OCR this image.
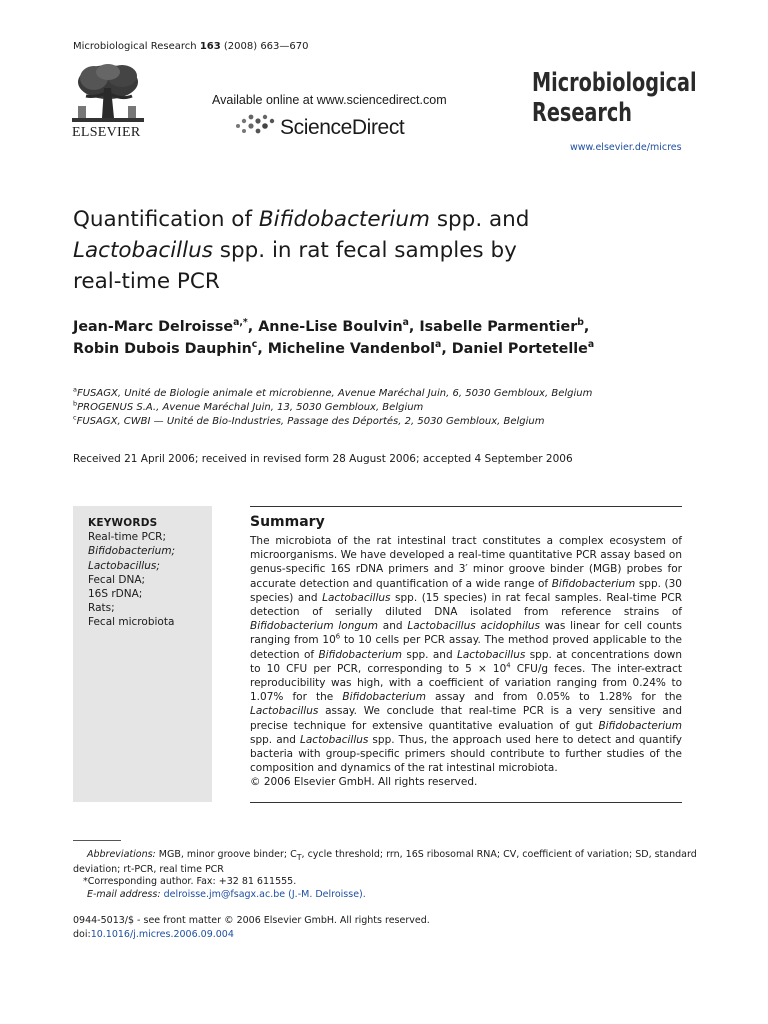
Microbiological Research 163 (2008) 663—670
ELSEVIER
Available online at www.sciencedirect.com
ScienceDirect
Microbiological
Research
www.elsevier.de/micres
Quantification of Bifidobacterium spp. and
Lactobacillus spp. in rat fecal samples by
real-time PCR
Jean-Marc Delroisse$^{a,*}$, Anne-Lise Boulvin$^a$, Isabelle Parmentier$^b$,
Robin Dubois Dauphin$^c$, Micheline Vandenbol$^a$, Daniel Portetelle$^a$
$^a$FUSAGX, Unité de Biologie animale et microbienne, Avenue Maréchal Juin, 6, 5030 Gembloux, Belgium
$^b$PROGENUS S.A., Avenue Maréchal Juin, 13, 5030 Gembloux, Belgium
$^c$FUSAGX, CWBI — Unité de Bio-Industries, Passage des Déportés, 2, 5030 Gembloux, Belgium
Received 21 April 2006; received in revised form 28 August 2006; accepted 4 September 2006
KEYWORDS
Real-time PCR;
Bifidobacterium;
Lactobacillus;
Fecal DNA;
16S rDNA;
Rats;
Fecal microbiota
Summary
The microbiota of the rat intestinal tract constitutes a complex ecosystem of microorganisms. We have developed a real-time quantitative PCR assay based on genus-specific 16S rDNA primers and 3′ minor groove binder (MGB) probes for accurate detection and quantification of a wide range of Bifidobacterium spp. (30 species) and Lactobacillus spp. (15 species) in rat fecal samples. Real-time PCR detection of serially diluted DNA isolated from reference strains of Bifidobacterium longum and Lactobacillus acidophilus was linear for cell counts ranging from $10^6$ to 10 cells per PCR assay. The method proved applicable to the detection of Bifidobacterium spp. and Lactobacillus spp. at concentrations down to 10 CFU per PCR, corresponding to $5 \times 10^4$ CFU/g feces. The inter-extract reproducibility was high, with a coefficient of variation ranging from 0.24% to 1.07% for the Bifidobacterium assay and from 0.05% to 1.28% for the Lactobacillus assay. We conclude that real-time PCR is a very sensitive and precise technique for extensive quantitative evaluation of gut Bifidobacterium spp. and Lactobacillus spp. Thus, the approach used here to detect and quantify bacteria with group-specific primers should contribute to further studies of the composition and dynamics of the rat intestinal microbiota.
© 2006 Elsevier GmbH. All rights reserved.
Abbreviations: MGB, minor groove binder; $C_T$, cycle threshold; rrn, 16S ribosomal RNA; CV, coefficient of variation; SD, standard
deviation; rt-PCR, real time PCR
*Corresponding author. Fax: +32 81 611555.
E-mail address: delroisse.jm@fsagx.ac.be (J.-M. Delroisse).
0944-5013/$ - see front matter © 2006 Elsevier GmbH. All rights reserved.
doi:10.1016/j.micres.2006.09.004
